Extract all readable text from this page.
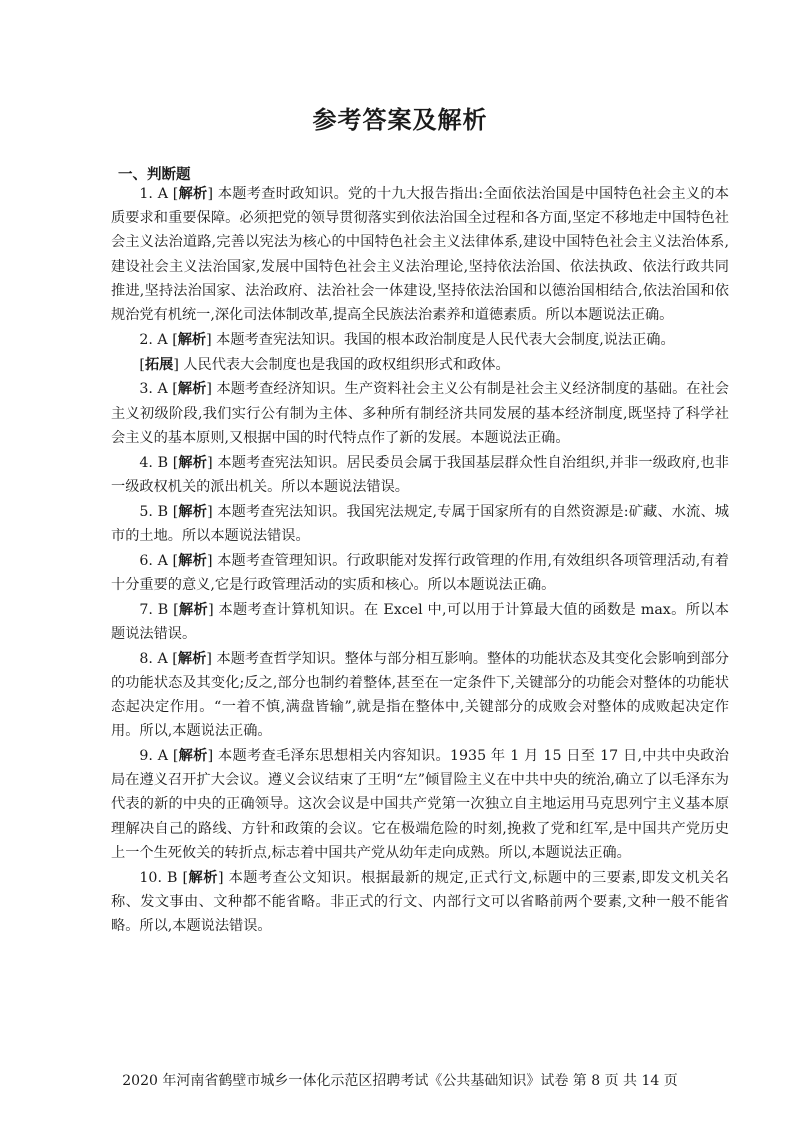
参考答案及解析
一、判断题

1. A [解析] 本题考查时政知识。党的十九大报告指出:全面依法治国是中国特色社会主义的本质要求和重要保障。必须把党的领导贯彻落实到依法治国全过程和各方面,坚定不移地走中国特色社会主义法治道路,完善以宪法为核心的中国特色社会主义法律体系,建设中国特色社会主义法治体系,建设社会主义法治国家,发展中国特色社会主义法治理论,坚持依法治国、依法执政、依法行政共同推进,坚持法治国家、法治政府、法治社会一体建设,坚持依法治国和以德治国相结合,依法治国和依规治党有机统一,深化司法体制改革,提高全民族法治素养和道德素质。所以本题说法正确。

2. A [解析] 本题考查宪法知识。我国的根本政治制度是人民代表大会制度,说法正确。

[拓展] 人民代表大会制度也是我国的政权组织形式和政体。

3. A [解析] 本题考查经济知识。生产资料社会主义公有制是社会主义经济制度的基础。在社会主义初级阶段,我们实行公有制为主体、多种所有制经济共同发展的基本经济制度,既坚持了科学社会主义的基本原则,又根据中国的时代特点作了新的发展。本题说法正确。

4. B [解析] 本题考查宪法知识。居民委员会属于我国基层群众性自治组织,并非一级政府,也非一级政权机关的派出机关。所以本题说法错误。

5. B [解析] 本题考查宪法知识。我国宪法规定,专属于国家所有的自然资源是:矿藏、水流、城市的土地。所以本题说法错误。

6. A [解析] 本题考查管理知识。行政职能对发挥行政管理的作用,有效组织各项管理活动,有着十分重要的意义,它是行政管理活动的实质和核心。所以本题说法正确。

7. B [解析] 本题考查计算机知识。在 Excel 中,可以用于计算最大值的函数是 max。所以本题说法错误。

8. A [解析] 本题考查哲学知识。整体与部分相互影响。整体的功能状态及其变化会影响到部分的功能状态及其变化;反之,部分也制约着整体,甚至在一定条件下,关键部分的功能会对整体的功能状态起决定作用。“一着不慎,满盘皆输”,就是指在整体中,关键部分的成败会对整体的成败起决定作用。所以,本题说法正确。

9. A [解析] 本题考查毛泽东思想相关内容知识。1935 年 1 月 15 日至 17 日,中共中央政治局在遵义召开扩大会议。遵义会议结束了王明“左”倾冒险主义在中共中央的统治,确立了以毛泽东为代表的新的中央的正确领导。这次会议是中国共产党第一次独立自主地运用马克思列宁主义基本原理解决自己的路线、方针和政策的会议。它在极端危险的时刻,挽救了党和红军,是中国共产党历史上一个生死攸关的转折点,标志着中国共产党从幼年走向成熟。所以,本题说法正确。

10. B [解析] 本题考查公文知识。根据最新的规定,正式行文,标题中的三要素,即发文机关名称、发文事由、文种都不能省略。非正式的行文、内部行文可以省略前两个要素,文种一般不能省略。所以,本题说法错误。

2020 年河南省鹤壁市城乡一体化示范区招聘考试《公共基础知识》试卷 第 8 页 共 14 页
